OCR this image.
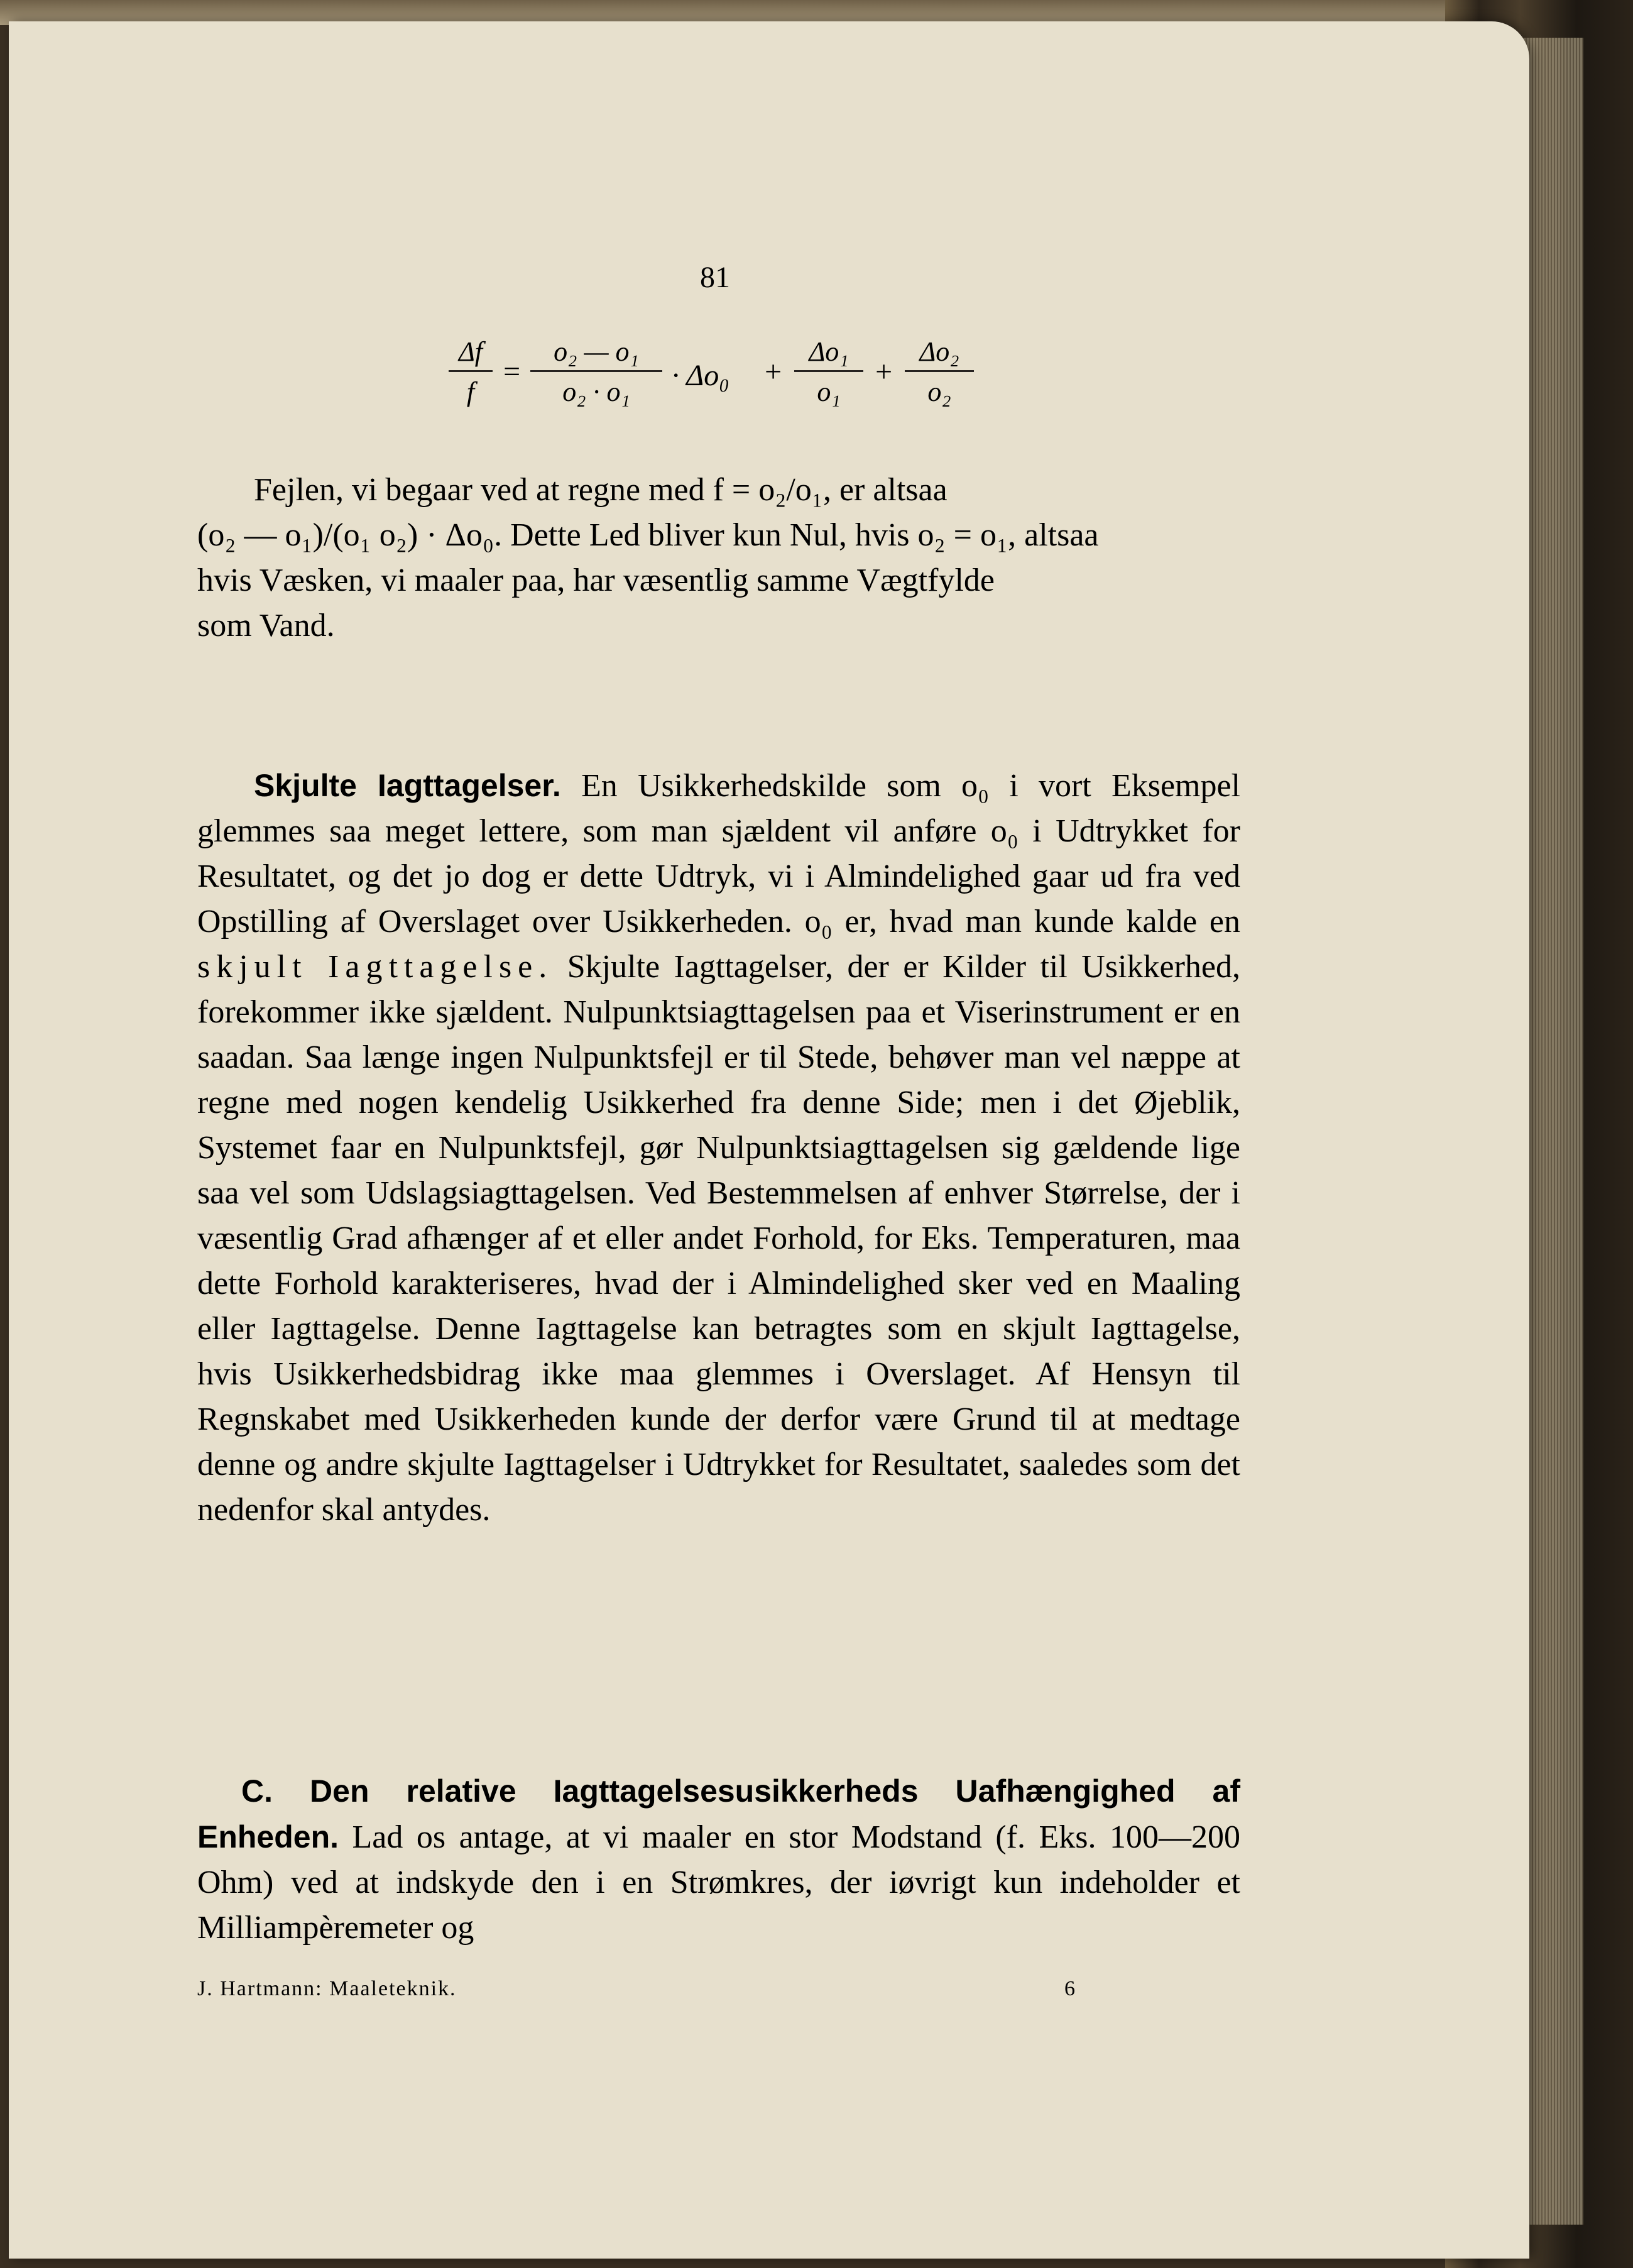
81
$\frac{\Delta f}{f} = \frac{\text{o₂ — o₁}}{\text{o₂ · o₁}} \cdot \Delta o_0 + \frac{\text{Δo₁}}{\text{o₁}} + \frac{\text{Δo₂}}{\text{o₂}}$

Fejlen, vi begaar ved at regne med f = o₂/o₁, er altsaa
(o₂ — o₁)/(o₁ o₂) · Δo₀. Dette Led bliver kun Nul, hvis o₂ = o₁, altsaa
hvis Væsken, vi maaler paa, har væsentlig samme Vægtfylde
som Vand.

Skjulte Iagttagelser. En Usikkerhedskilde som o₀ i vort Eksempel glemmes saa meget lettere, som man sjældent vil anføre o₀ i Udtrykket for Resultatet, og det jo dog er dette Udtryk, vi i Almindelighed gaar ud fra ved Opstilling af Overslaget over Usikkerheden. o₀ er, hvad man kunde kalde en skjult Iagttagelse. Skjulte Iagttagelser, der er Kilder til Usikkerhed, forekommer ikke sjældent. Nulpunktsiagttagelsen paa et Viserinstrument er en saadan. Saa længe ingen Nulpunktsfejl er til Stede, behøver man vel næppe at regne med nogen kendelig Usikkerhed fra denne Side; men i det Øjeblik, Systemet faar en Nulpunktsfejl, gør Nulpunktsiagttagelsen sig gældende lige saa vel som Udslagsiagttagelsen. Ved Bestemmelsen af enhver Størrelse, der i væsentlig Grad afhænger af et eller andet Forhold, for Eks. Temperaturen, maa dette Forhold karakteriseres, hvad der i Almindelighed sker ved en Maaling eller Iagttagelse. Denne Iagttagelse kan betragtes som en skjult Iagttagelse, hvis Usikkerhedsbidrag ikke maa glemmes i Overslaget. Af Hensyn til Regnskabet med Usikkerheden kunde der derfor være Grund til at medtage denne og andre skjulte Iagttagelser i Udtrykket for Resultatet, saaledes som det nedenfor skal antydes.

C. Den relative Iagttagelsesusikkerheds Uafhængighed af Enheden. Lad os antage, at vi maaler en stor Modstand (f. Eks. 100—200 Ohm) ved at indskyde den i en Strømkres, der iøvrigt kun indeholder et Milliampèremeter og

J. Hartmann: Maaleteknik.	6
